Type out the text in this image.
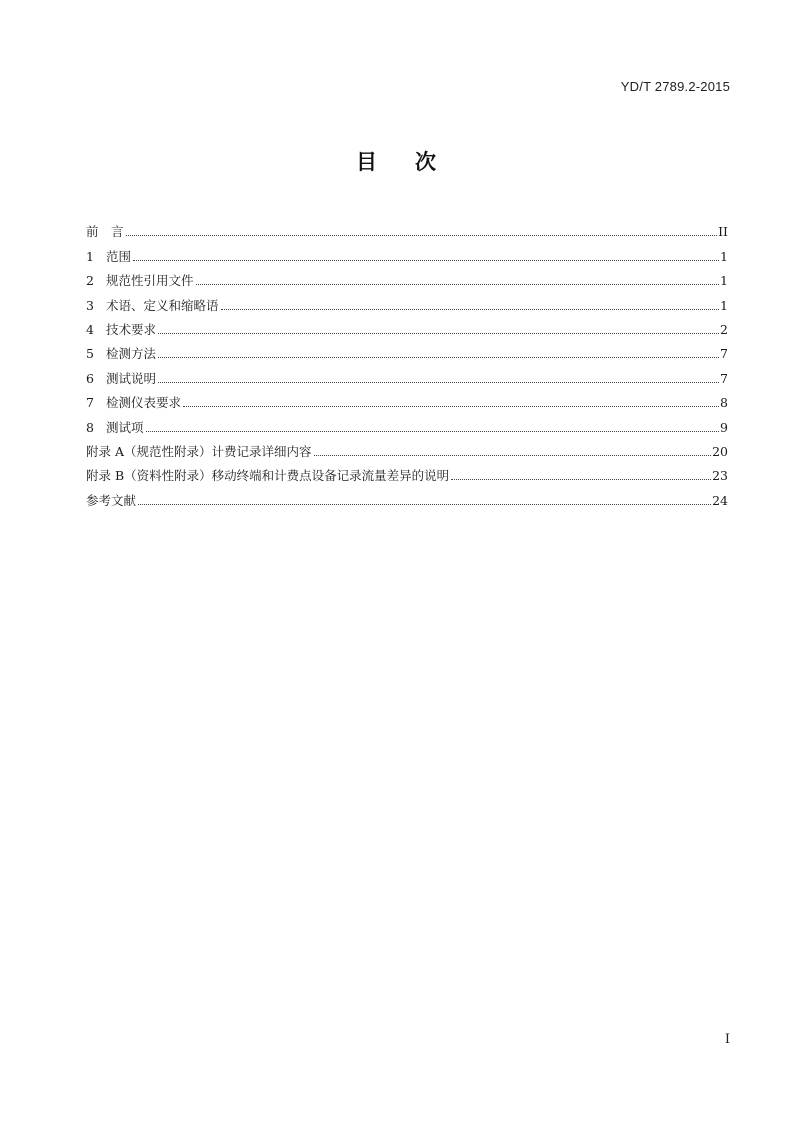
YD/T 2789.2-2015
目 次
前　言	II
1 范围	1
2 规范性引用文件	1
3 术语、定义和缩略语	1
4 技术要求	2
5 检测方法	7
6 测试说明	7
7 检测仪表要求	8
8 测试项	9
附录 A（规范性附录）计费记录详细内容	20
附录 B（资料性附录）移动终端和计费点设备记录流量差异的说明	23
参考文献	24
I
